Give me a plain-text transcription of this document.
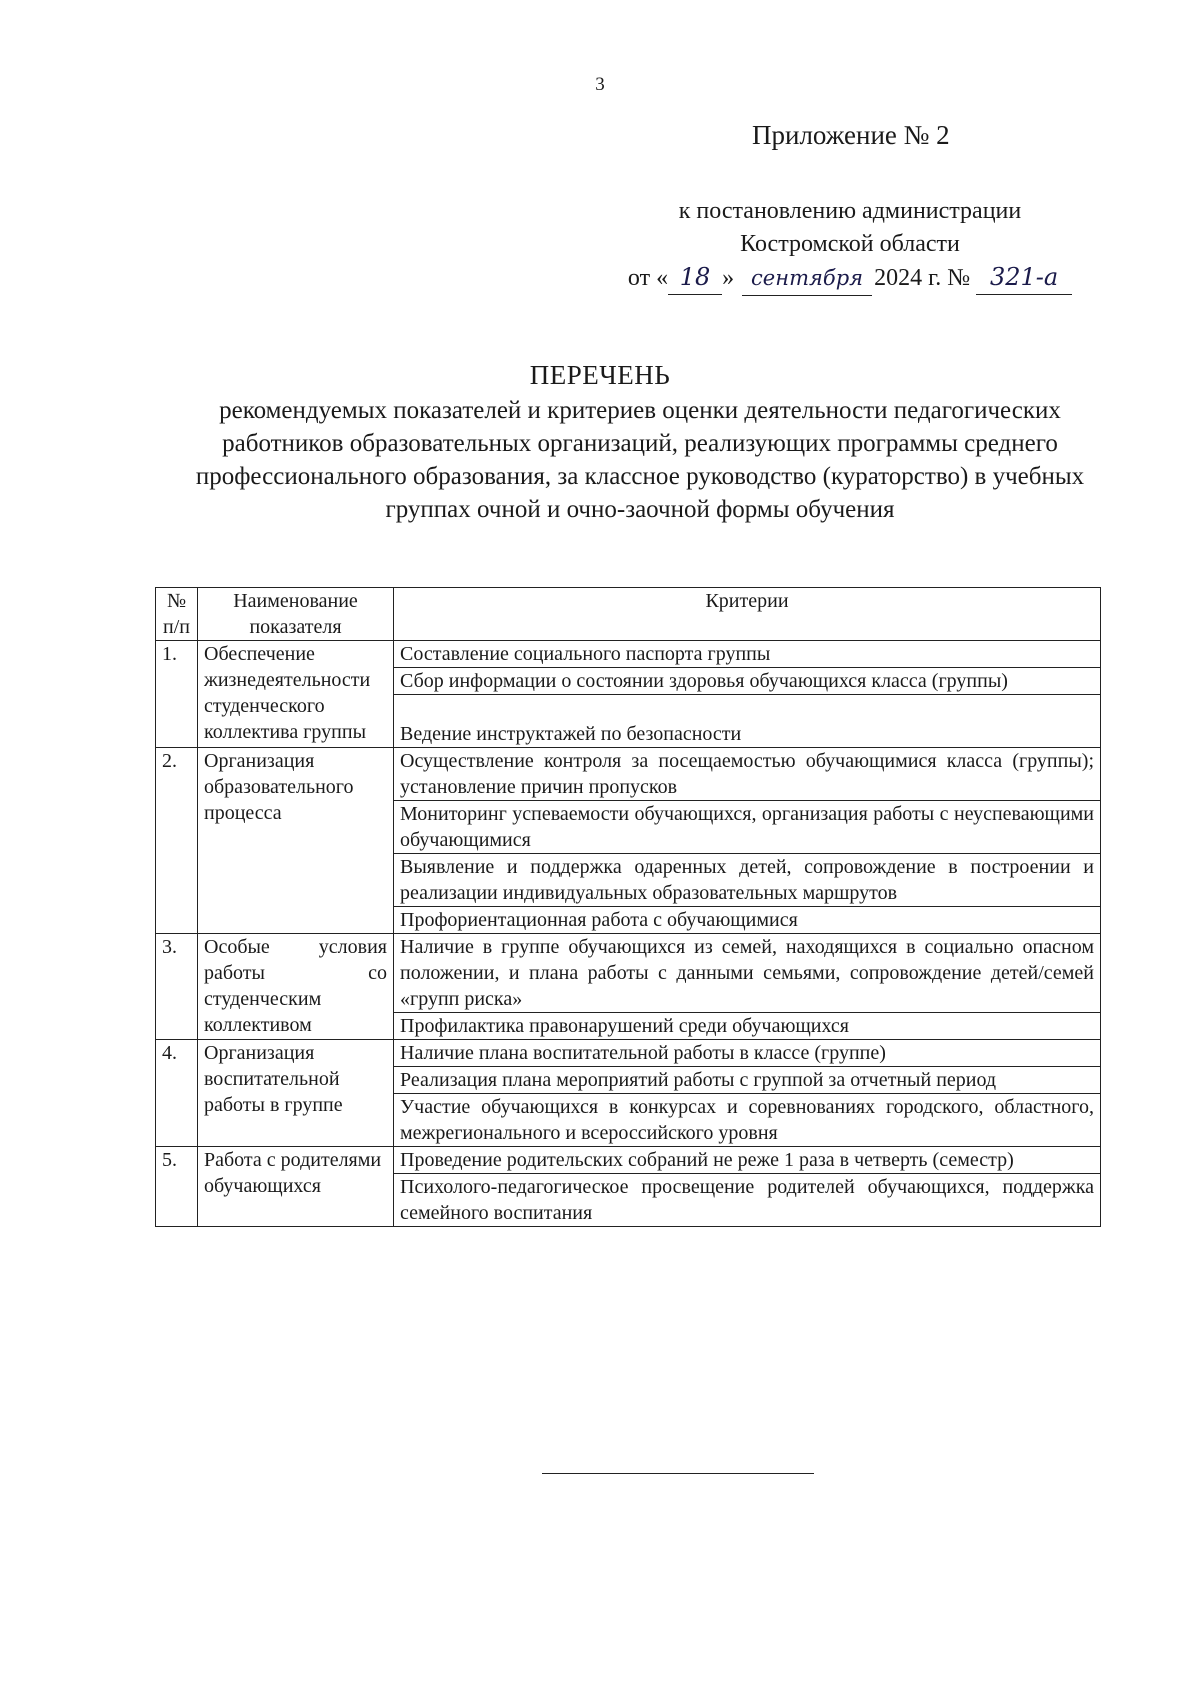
3
Приложение № 2
к постановлению администрации
Костромской области
от « 18 » сентября 2024 г. № 321-а
ПЕРЕЧЕНЬ
рекомендуемых показателей и критериев оценки деятельности педагогических работников образовательных организаций, реализующих программы среднего профессионального образования, за классное руководство (кураторство) в учебных группах очной и очно-заочной формы обучения
№ п/п	Наименование показателя	Критерии
1.	Обеспечение жизнедеятельности студенческого коллектива группы	Составление социального паспорта группы
		Сбор информации о состоянии здоровья обучающихся класса (группы)
		Ведение инструктажей по безопасности
2.	Организация образовательного процесса	Осуществление контроля за посещаемостью обучающимися класса (группы); установление причин пропусков
		Мониторинг успеваемости обучающихся, организация работы с неуспевающими обучающимися
		Выявление и поддержка одаренных детей, сопровождение в построении и реализации индивидуальных образовательных маршрутов
		Профориентационная работа с обучающимися
3.	Особые условия работы со студенческим коллективом	Наличие в группе обучающихся из семей, находящихся в социально опасном положении, и плана работы с данными семьями, сопровождение детей/семей «групп риска»
		Профилактика правонарушений среди обучающихся
4.	Организация воспитательной работы в группе	Наличие плана воспитательной работы в классе (группе)
		Реализация плана мероприятий работы с группой за отчетный период
		Участие обучающихся в конкурсах и соревнованиях городского, областного, межрегионального и всероссийского уровня
5.	Работа с родителями обучающихся	Проведение родительских собраний не реже 1 раза в четверть (семестр)
		Психолого-педагогическое просвещение родителей обучающихся, поддержка семейного воспитания
